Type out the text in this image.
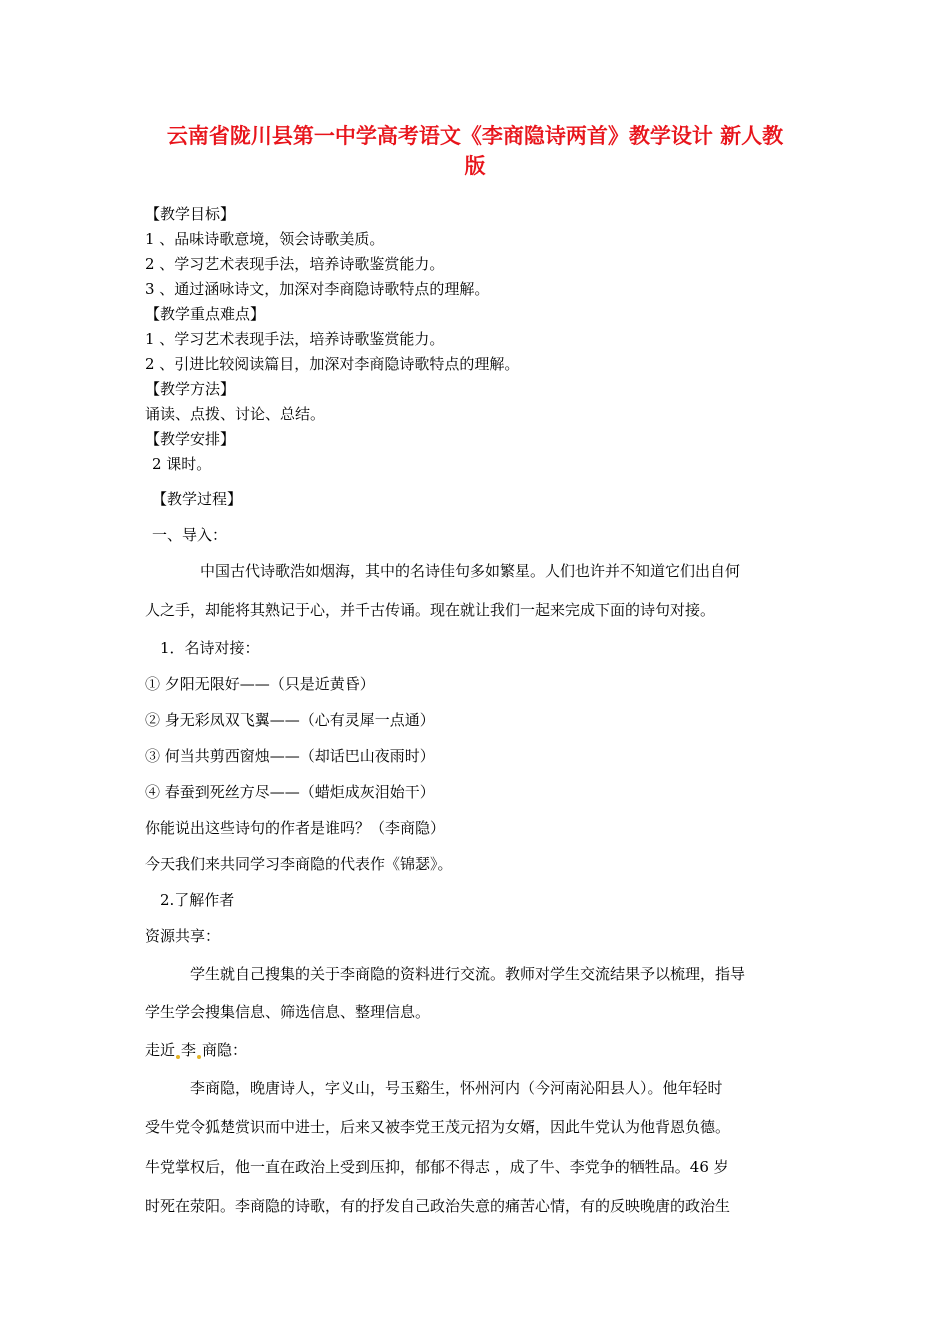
云南省陇川县第一中学高考语文《李商隐诗两首》教学设计 新人教
版

【教学目标】

1 、品味诗歌意境，领会诗歌美质。

2 、学习艺术表现手法，培养诗歌鉴赏能力。

3 、通过涵咏诗文，加深对李商隐诗歌特点的理解。

【教学重点难点】

1 、学习艺术表现手法，培养诗歌鉴赏能力。

2 、引进比较阅读篇目，加深对李商隐诗歌特点的理解。

【教学方法】

诵读、点拨、讨论、总结。

【教学安排】

2 课时。

【教学过程】

一、导入：

中国古代诗歌浩如烟海，其中的名诗佳句多如繁星。人们也许并不知道它们出自何

人之手，却能将其熟记于心，并千古传诵。现在就让我们一起来完成下面的诗句对接。

1．名诗对接：

① 夕阳无限好——（只是近黄昏）

② 身无彩凤双飞翼——（心有灵犀一点通）

③ 何当共剪西窗烛——（却话巴山夜雨时）

④ 春蚕到死丝方尽——（蜡炬成灰泪始干）

你能说出这些诗句的作者是谁吗？（李商隐）

今天我们来共同学习李商隐的代表作《锦瑟》。

2.了解作者

资源共享：

学生就自己搜集的关于李商隐的资料进行交流。教师对学生交流结果予以梳理，指导

学生学会搜集信息、筛选信息、整理信息。

走近 李 商隐：

李商隐，晚唐诗人，字义山，号玉谿生，怀州河内（今河南沁阳县人）。他年轻时

受牛党令狐楚赏识而中进士，后来又被李党王茂元招为女婿，因此牛党认为他背恩负德。

牛党掌权后，他一直在政治上受到压抑，郁郁不得志 ，成了牛、李党争的牺牲品。46 岁

时死在荥阳。李商隐的诗歌，有的抒发自己政治失意的痛苦心情，有的反映晚唐的政治生
